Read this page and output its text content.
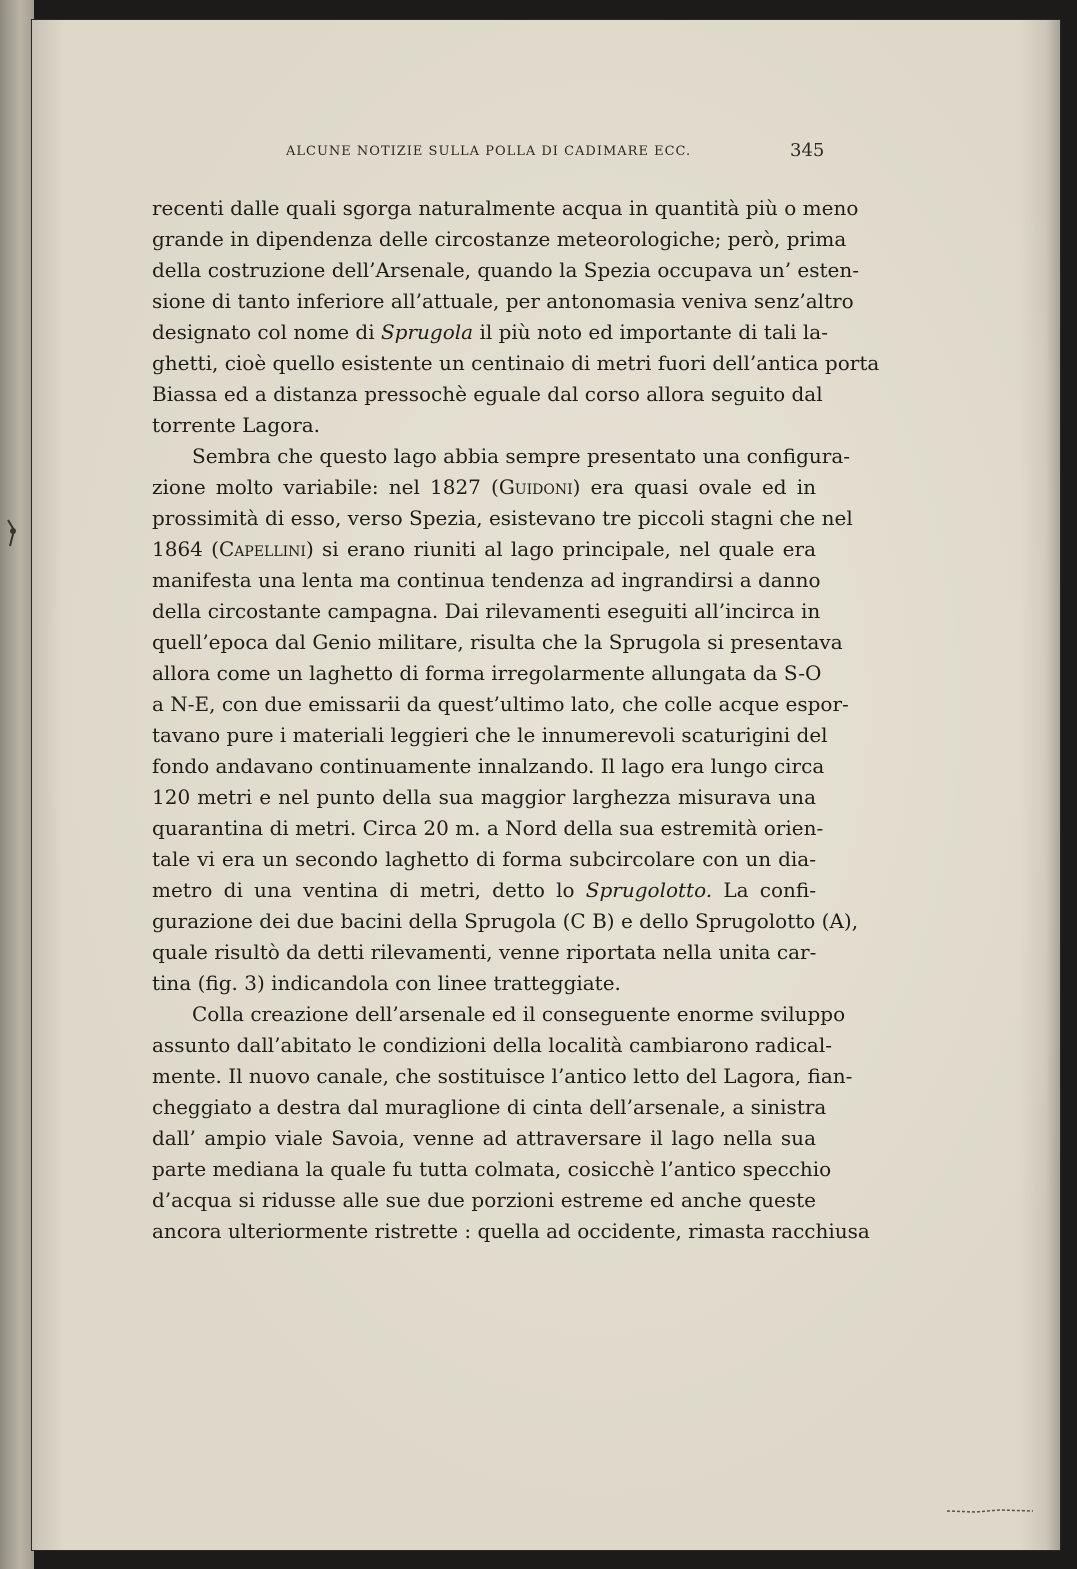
ALCUNE NOTIZIE SULLA POLLA DI CADIMARE ECC.	345
recenti dalle quali sgorga naturalmente acqua in quantità più o meno
grande in dipendenza delle circostanze meteorologiche; però, prima
della costruzione dell’Arsenale, quando la Spezia occupava un’ esten-
sione di tanto inferiore all’attuale, per antonomasia veniva senz’altro
designato col nome di Sprugola il più noto ed importante di tali la-
ghetti, cioè quello esistente un centinaio di metri fuori dell’antica porta
Biassa ed a distanza pressochè eguale dal corso allora seguito dal
torrente Lagora.
Sembra che questo lago abbia sempre presentato una configura-
zione molto variabile: nel 1827 (Guidoni) era quasi ovale ed in
prossimità di esso, verso Spezia, esistevano tre piccoli stagni che nel
1864 (Capellini) si erano riuniti al lago principale, nel quale era
manifesta una lenta ma continua tendenza ad ingrandirsi a danno
della circostante campagna. Dai rilevamenti eseguiti all’incirca in
quell’epoca dal Genio militare, risulta che la Sprugola si presentava
allora come un laghetto di forma irregolarmente allungata da S-O
a N-E, con due emissarii da quest’ultimo lato, che colle acque espor-
tavano pure i materiali leggieri che le innumerevoli scaturigini del
fondo andavano continuamente innalzando. Il lago era lungo circa
120 metri e nel punto della sua maggior larghezza misurava una
quarantina di metri. Circa 20 m. a Nord della sua estremità orien-
tale vi era un secondo laghetto di forma subcircolare con un dia-
metro di una ventina di metri, detto lo Sprugolotto. La confi-
gurazione dei due bacini della Sprugola (C B) e dello Sprugolotto (A),
quale risultò da detti rilevamenti, venne riportata nella unita car-
tina (fig. 3) indicandola con linee tratteggiate.
Colla creazione dell’arsenale ed il conseguente enorme sviluppo
assunto dall’abitato le condizioni della località cambiarono radical-
mente. Il nuovo canale, che sostituisce l’antico letto del Lagora, fian-
cheggiato a destra dal muraglione di cinta dell’arsenale, a sinistra
dall’ ampio viale Savoia, venne ad attraversare il lago nella sua
parte mediana la quale fu tutta colmata, cosicchè l’antico specchio
d’acqua si ridusse alle sue due porzioni estreme ed anche queste
ancora ulteriormente ristrette : quella ad occidente, rimasta racchiusa
